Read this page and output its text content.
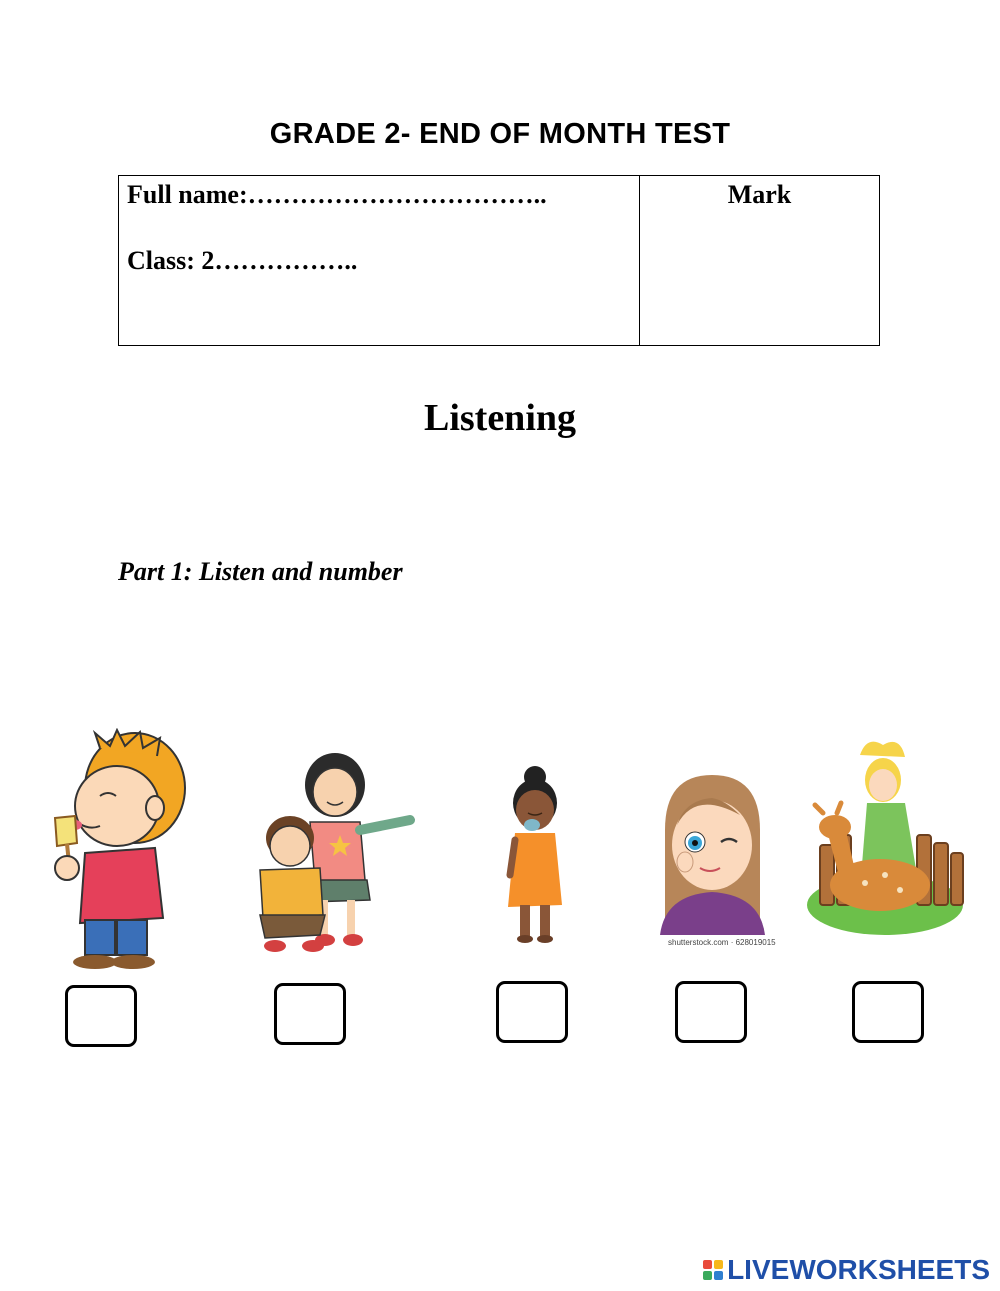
GRADE 2- END OF MONTH TEST
Full name:……………………………..
Class: 2……………..

Mark
Listening
Part 1: Listen and number
shutterstock.com · 628019015
LIVEWORKSHEETS
